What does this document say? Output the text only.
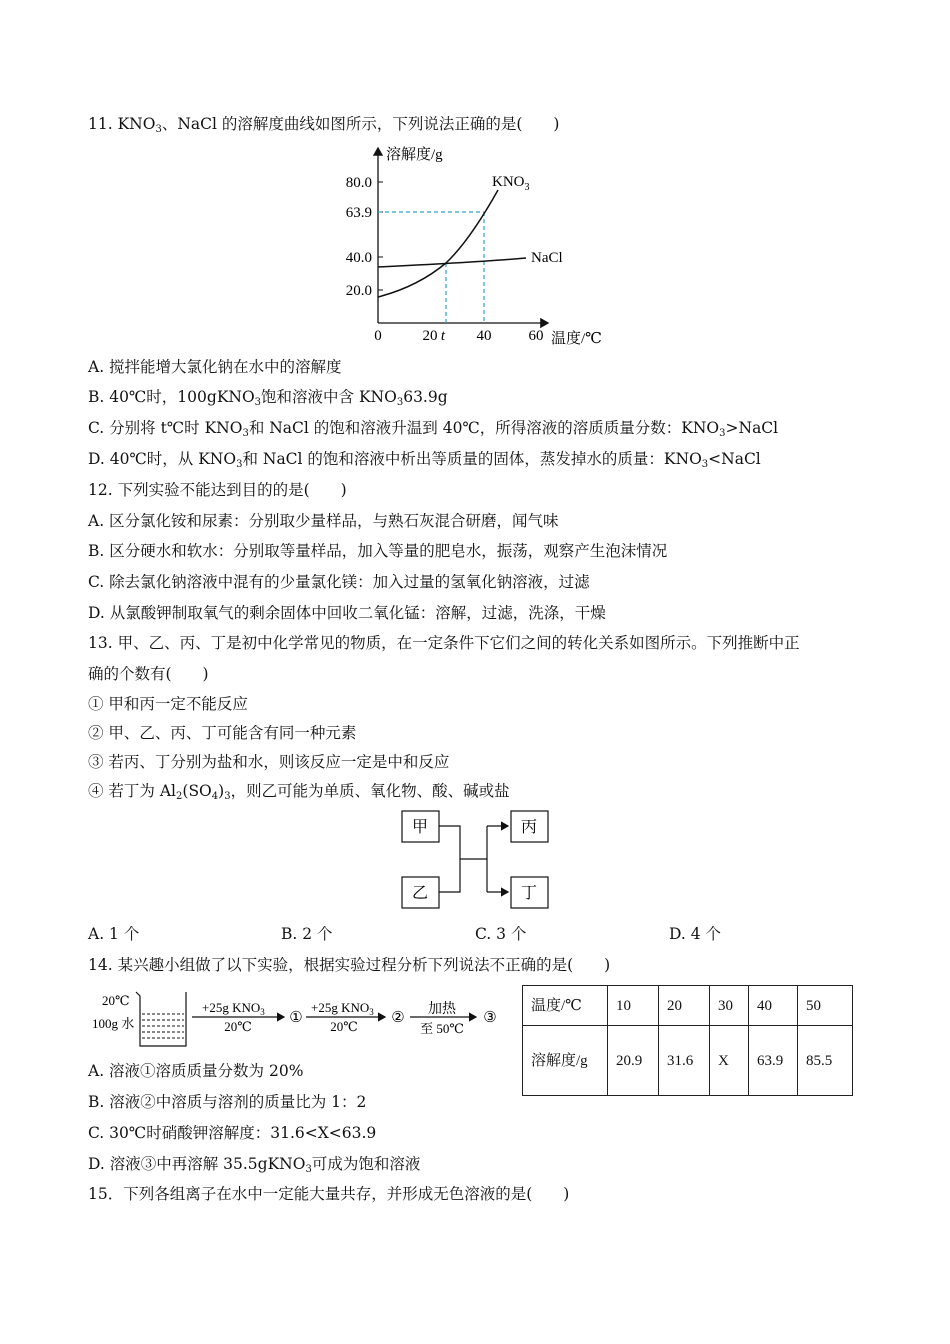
11. $KNO_3$、NaCl 的溶解度曲线如图所示，下列说法正确的是(　　)
溶解度/g
80.0
63.9
40.0
20.0
0	20 t 40 60 温度/℃
$KNO_3$
NaCl
A. 搅拌能增大氯化钠在水中的溶解度
B. 40℃时，100gKNO$_3$饱和溶液中含 $KNO_363.9g$
C. 分别将 t℃时 $KNO_3$和 NaCl 的饱和溶液升温到 40℃，所得溶液的溶质质量分数：$KNO_3>NaCl$
D. 40℃时，从 $KNO_3$和 NaCl 的饱和溶液中析出等质量的固体，蒸发掉水的质量：$KNO_3<NaCl$
12. 下列实验不能达到目的的是(　　)
A. 区分氯化铵和尿素：分别取少量样品，与熟石灰混合研磨，闻气味
B. 区分硬水和软水：分别取等量样品，加入等量的肥皂水，振荡，观察产生泡沫情况
C. 除去氯化钠溶液中混有的少量氯化镁：加入过量的氢氧化钠溶液，过滤
D. 从氯酸钾制取氧气的剩余固体中回收二氧化锰：溶解，过滤，洗涤，干燥
13. 甲、乙、丙、丁是初中化学常见的物质，在一定条件下它们之间的转化关系如图所示。下列推断中正
确的个数有(　　)
① 甲和丙一定不能反应
② 甲、乙、丙、丁可能含有同一种元素
③ 若丙、丁分别为盐和水，则该反应一定是中和反应
④ 若丁为 $Al_2(SO_4)_3$，则乙可能为单质、氧化物、酸、碱或盐
甲
乙
丙
丁
A. 1 个	B. 2 个	C. 3 个	D. 4 个
14. 某兴趣小组做了以下实验，根据实验过程分析下列说法不正确的是(　　)
20℃
100g 水
+25g $KNO_3$
20℃
①
+25g $KNO_3$
20℃
②
加热
至 50℃
③
温度/℃	10	20	30	40	50
溶解度/g	20.9	31.6	X	63.9	85.5
A. 溶液①溶质质量分数为 20%
B. 溶液②中溶质与溶剂的质量比为 1：2
C. 30℃时硝酸钾溶解度：31.6<X<63.9
D. 溶液③中再溶解 35.5gKNO$_3$可成为饱和溶液
15．下列各组离子在水中一定能大量共存，并形成无色溶液的是(　　)
